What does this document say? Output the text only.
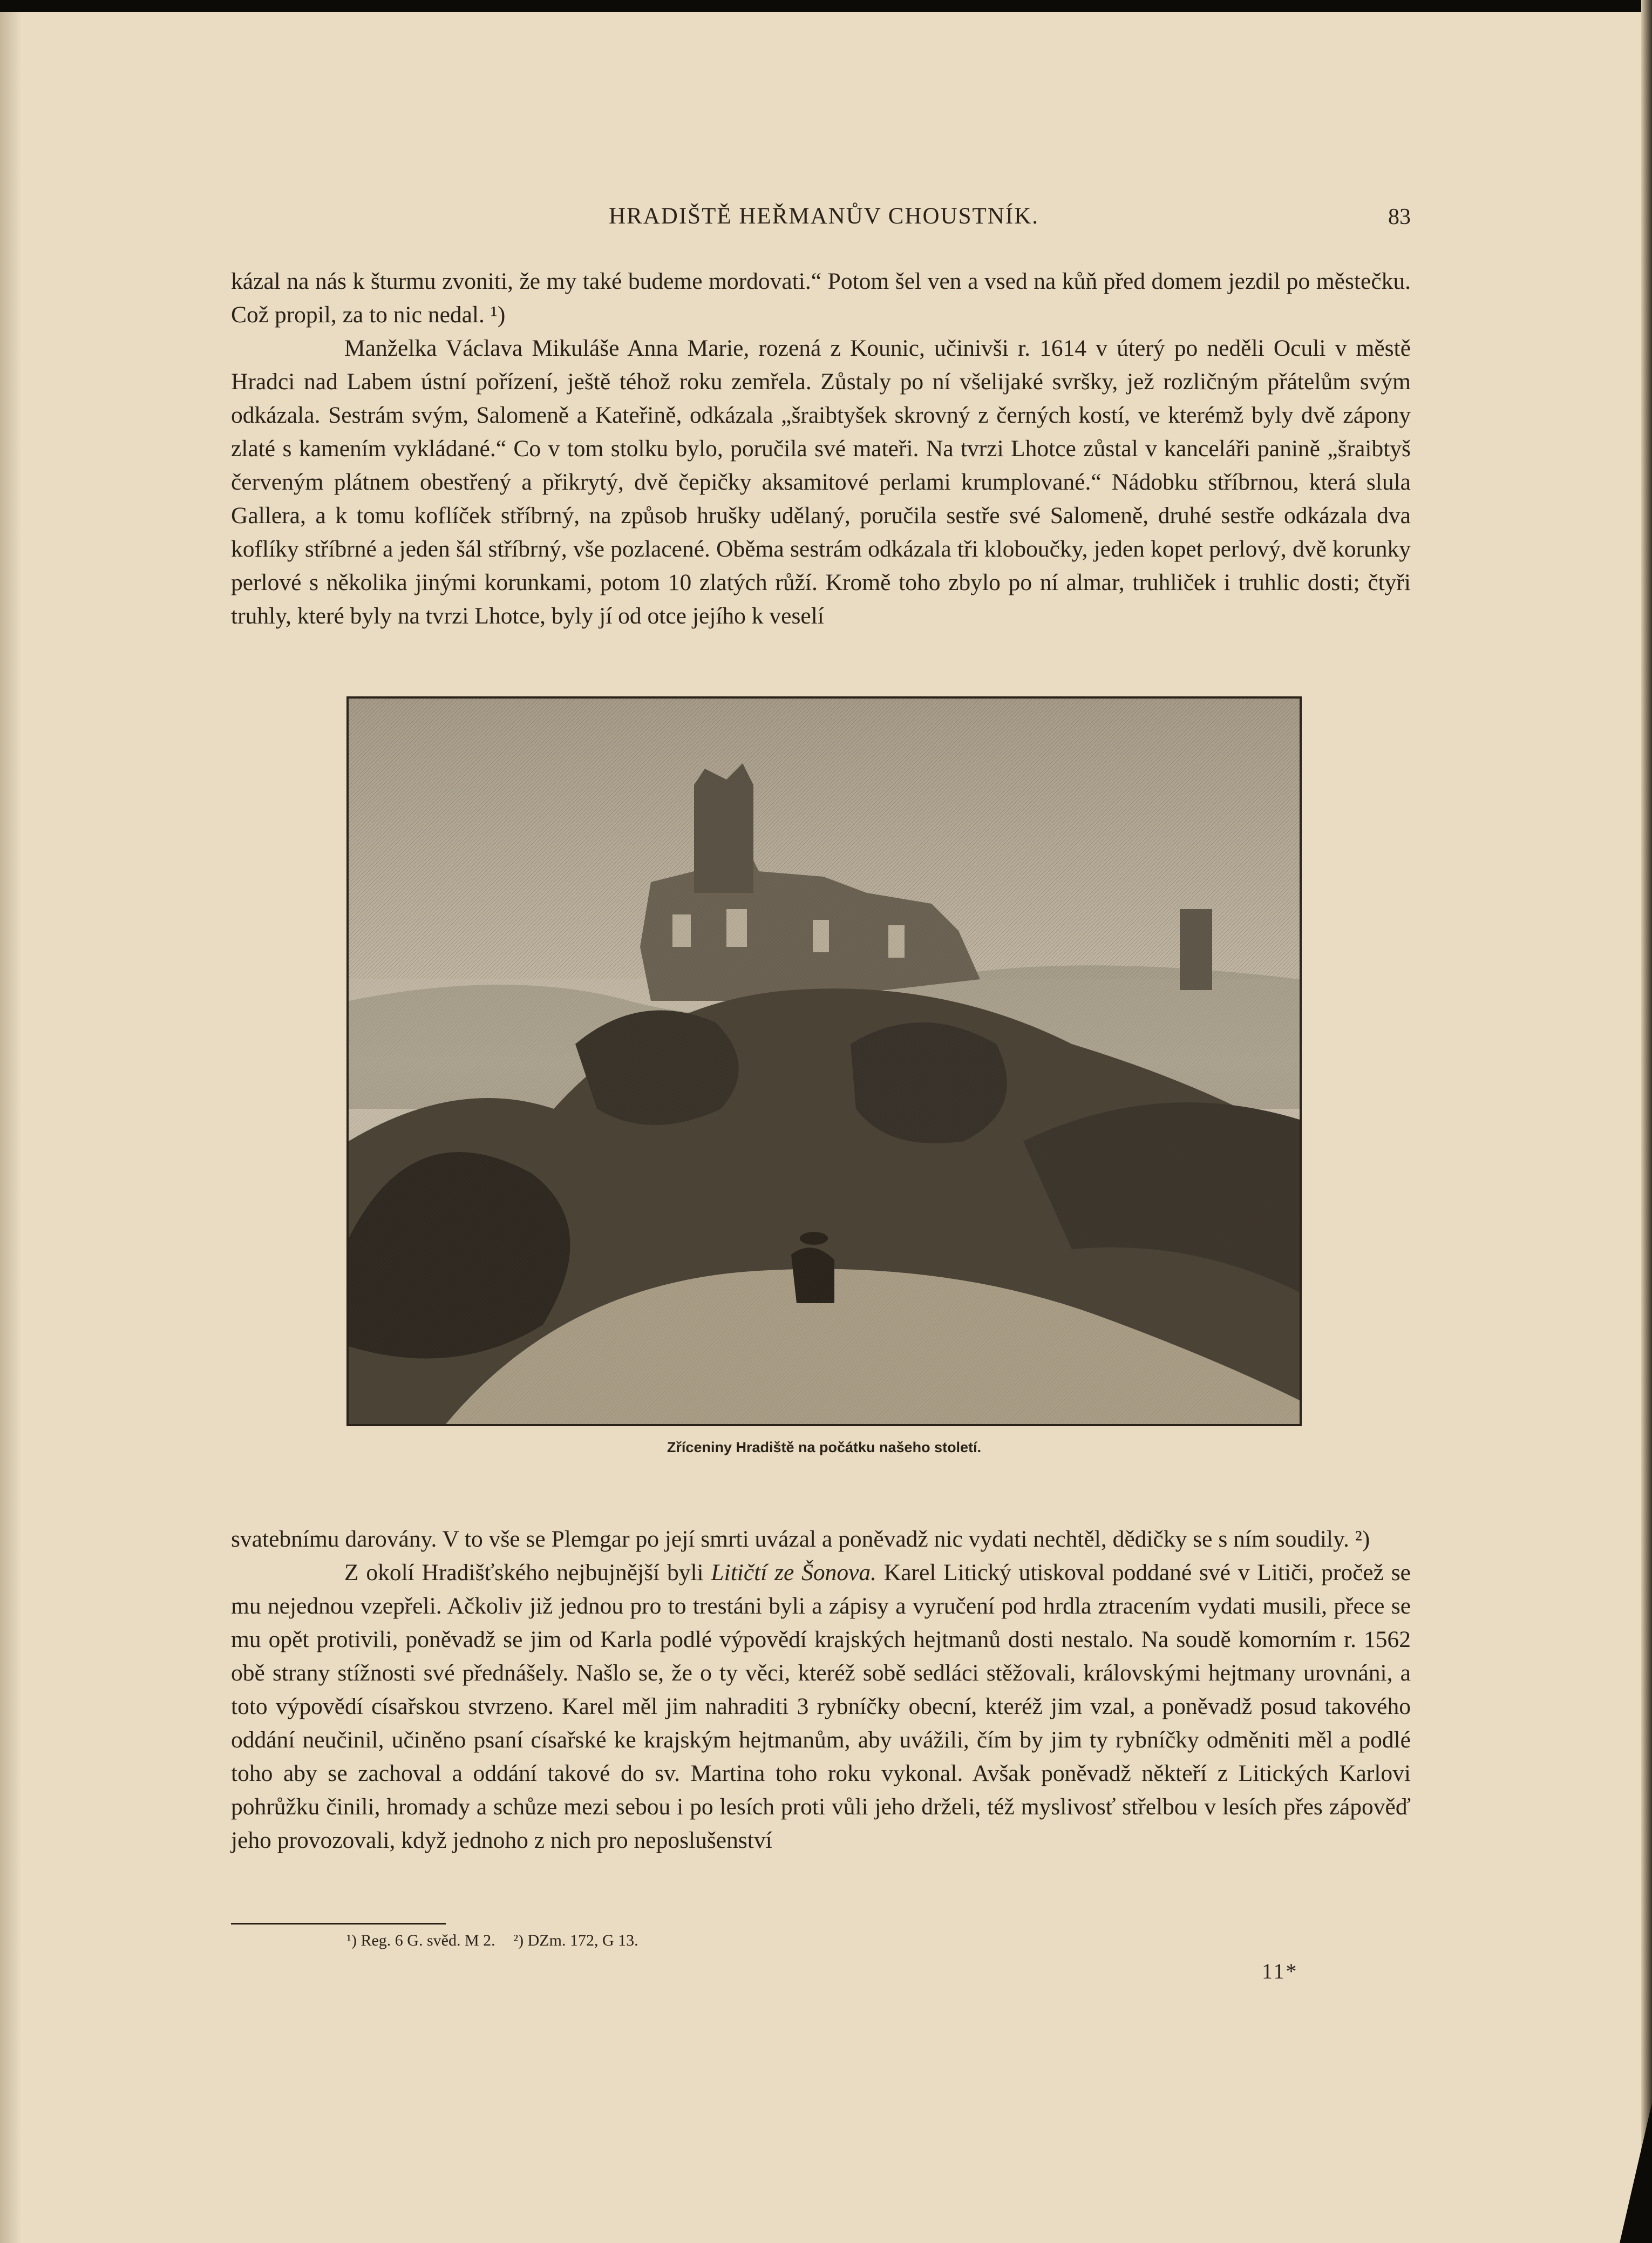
HRADIŠTĚ HEŘMANŮV CHOUSTNÍK.	83

kázal na nás k šturmu zvoniti, že my také budeme mordovati.“ Potom šel ven a vsed na kůň před domem jezdil po městečku. Což propil, za to nic nedal. ¹)

Manželka Václava Mikuláše Anna Marie, rozená z Kounic, učinivši r. 1614 v úterý po neděli Oculi v městě Hradci nad Labem ústní pořízení, ještě téhož roku zemřela. Zůstaly po ní všelijaké svršky, jež rozličným přátelům svým odkázala. Sestrám svým, Salomeně a Kateřině, odkázala „šraibtyšek skrovný z černých kostí, ve kterémž byly dvě zápony zlaté s kamením vykládané.“ Co v tom stolku bylo, poručila své mateři. Na tvrzi Lhotce zůstal v kanceláři panině „šraibtyš červeným plátnem obestřený a přikrytý, dvě čepičky aksamitové perlami krumplované.“ Nádobku stříbrnou, která slula Gallera, a k tomu koflíček stříbrný, na způsob hrušky udělaný, poručila sestře své Salomeně, druhé sestře odkázala dva koflíky stříbrné a jeden šál stříbrný, vše pozlacené. Oběma sestrám odkázala tři kloboučky, jeden kopet perlový, dvě korunky perlové s několika jinými korunkami, potom 10 zlatých růží. Kromě toho zbylo po ní almar, truhliček i truhlic dosti; čtyři truhly, které byly na tvrzi Lhotce, byly jí od otce jejího k veselí

Zříceniny Hradiště na počátku našeho století.

svatebnímu darovány. V to vše se Plemgar po její smrti uvázal a poněvadž nic vydati nechtěl, dědičky se s ním soudily. ²)

Z okolí Hradišťského nejbujnější byli Litičtí ze Šonova. Karel Litický utiskoval poddané své v Litiči, pročež se mu nejednou vzepřeli. Ačkoliv již jednou pro to trestáni byli a zápisy a vyručení pod hrdla ztracením vydati musili, přece se mu opět protivili, poněvadž se jim od Karla podlé výpovědí krajských hejtmanů dosti nestalo. Na soudě komorním r. 1562 obě strany stížnosti své přednášely. Našlo se, že o ty věci, kteréž sobě sedláci stěžovali, královskými hejtmany urovnáni, a toto výpovědí císařskou stvrzeno. Karel měl jim nahraditi 3 rybníčky obecní, kteréž jim vzal, a poněvadž posud takového oddání neučinil, učiněno psaní císařské ke krajským hejtmanům, aby uvážili, čím by jim ty rybníčky odměniti měl a podlé toho aby se zachoval a oddání takové do sv. Martina toho roku vykonal. Avšak poněvadž někteří z Litických Karlovi pohrůžku činili, hromady a schůze mezi sebou i po lesích proti vůli jeho drželi, též myslivosť střelbou v lesích přes zápověď jeho provozovali, když jednoho z nich pro neposlušenství

¹) Reg. 6 G. svěd. M 2. ²) DZm. 172, G 13.
11*
